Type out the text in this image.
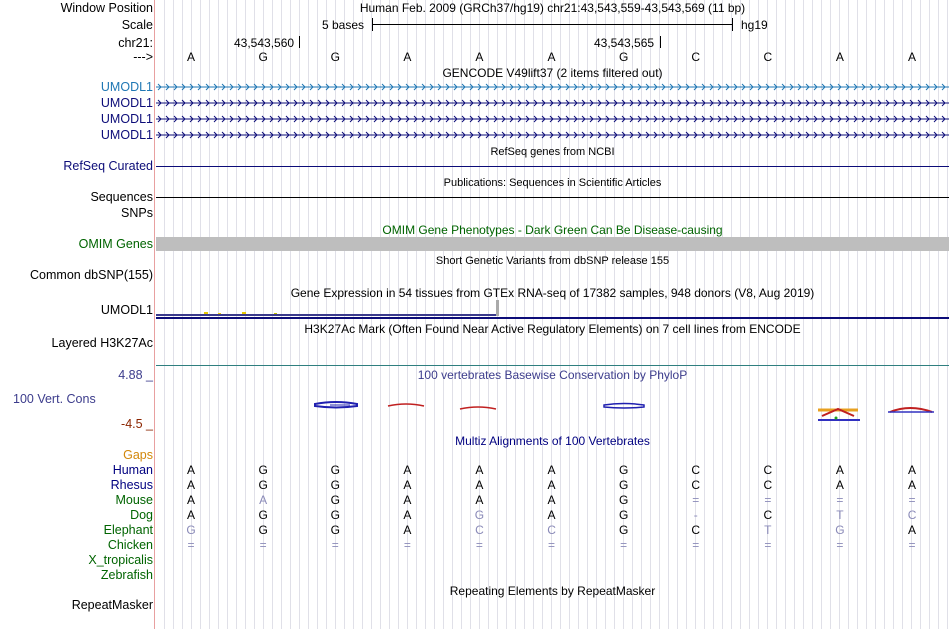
Window Position	Human Feb. 2009 (GRCh37/hg19) chr21:43,543,559-43,543,569 (11 bp)
Scale	5 bases	hg19
chr21:	43,543,560	43,543,565
--->	A	G	G	A	A	A	G	C	C	A	A
GENCODE V49lift37 (2 items filtered out)
UMODL1
UMODL1
UMODL1
UMODL1
RefSeq genes from NCBI
RefSeq Curated
Publications: Sequences in Scientific Articles
Sequences
SNPs
OMIM Gene Phenotypes - Dark Green Can Be Disease-causing
OMIM Genes
Short Genetic Variants from dbSNP release 155
Common dbSNP(155)
Gene Expression in 54 tissues from GTEx RNA-seq of 17382 samples, 948 donors (V8, Aug 2019)
UMODL1
H3K27Ac Mark (Often Found Near Active Regulatory Elements) on 7 cell lines from ENCODE
Layered H3K27Ac
100 vertebrates Basewise Conservation by PhyloP
4.88 _
100 Vert. Cons
-4.5 _
Multiz Alignments of 100 Vertebrates
Gaps
Human	A	G	G	A	A	A	G	C	C	A	A
Rhesus	A	G	G	A	A	A	G	C	C	A	A
Mouse	A	A	G	A	A	A	G	=	=	=	=
Dog	A	G	G	A	G	A	G	-	C	T	C
Elephant	G	G	G	A	C	C	G	C	T	G	A
Chicken	=	=	=	=	=	=	=	=	=	=	=
X_tropicalis
Zebrafish
Repeating Elements by RepeatMasker
RepeatMasker
